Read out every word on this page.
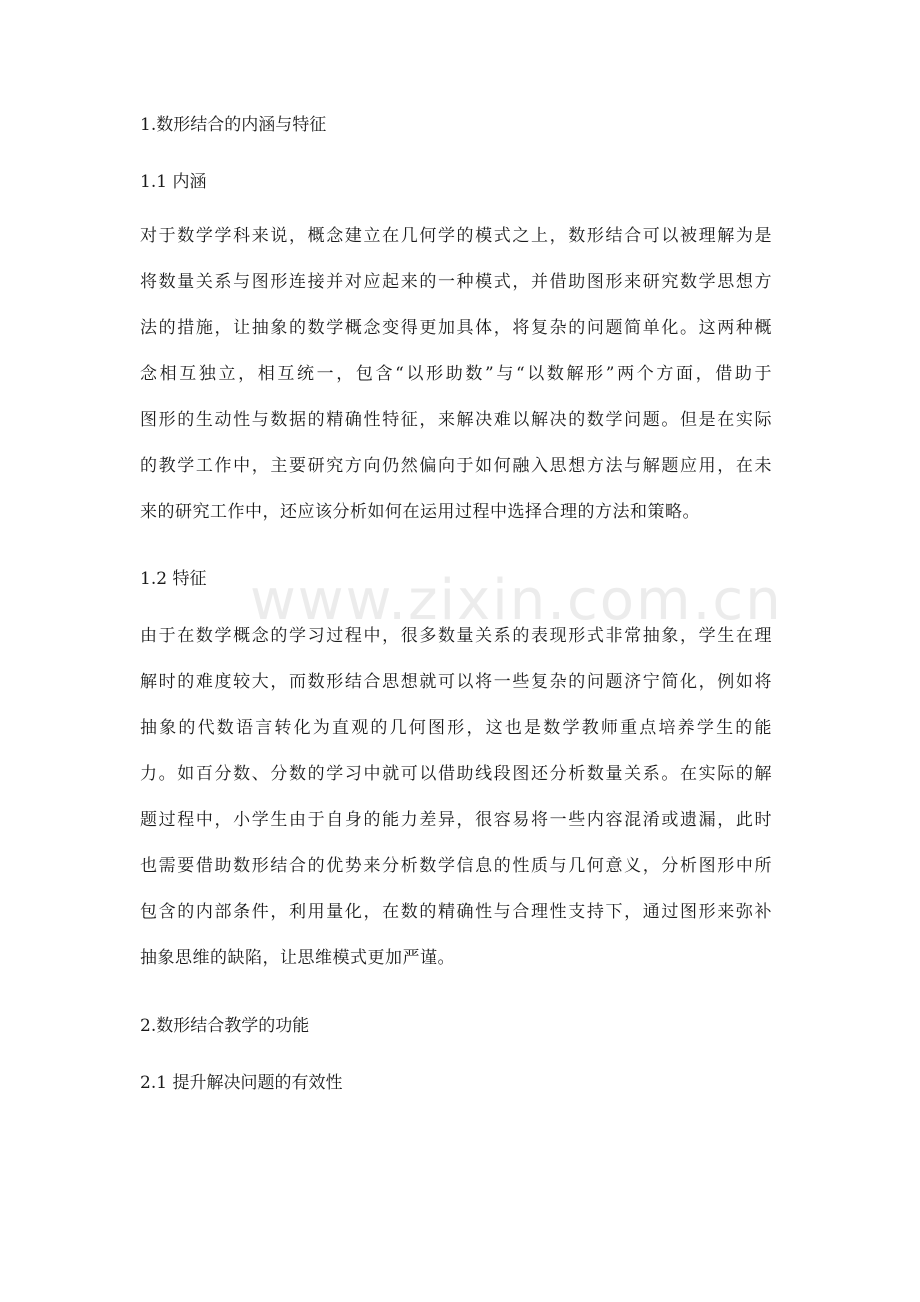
www.zixin.com.cn
1.数形结合的内涵与特征
1.1 内涵
对于数学学科来说，概念建立在几何学的模式之上，数形结合可以被理解为是
将数量关系与图形连接并对应起来的一种模式，并借助图形来研究数学思想方
法的措施，让抽象的数学概念变得更加具体，将复杂的问题简单化。这两种概
念相互独立，相互统一，包含“以形助数”与“以数解形”两个方面，借助于
图形的生动性与数据的精确性特征，来解决难以解决的数学问题。但是在实际
的教学工作中，主要研究方向仍然偏向于如何融入思想方法与解题应用，在未
来的研究工作中，还应该分析如何在运用过程中选择合理的方法和策略。
1.2 特征
由于在数学概念的学习过程中，很多数量关系的表现形式非常抽象，学生在理
解时的难度较大，而数形结合思想就可以将一些复杂的问题济宁简化，例如将
抽象的代数语言转化为直观的几何图形，这也是数学教师重点培养学生的能
力。如百分数、分数的学习中就可以借助线段图还分析数量关系。在实际的解
题过程中，小学生由于自身的能力差异，很容易将一些内容混淆或遗漏，此时
也需要借助数形结合的优势来分析数学信息的性质与几何意义，分析图形中所
包含的内部条件，利用量化，在数的精确性与合理性支持下，通过图形来弥补
抽象思维的缺陷，让思维模式更加严谨。
2.数形结合教学的功能
2.1 提升解决问题的有效性
